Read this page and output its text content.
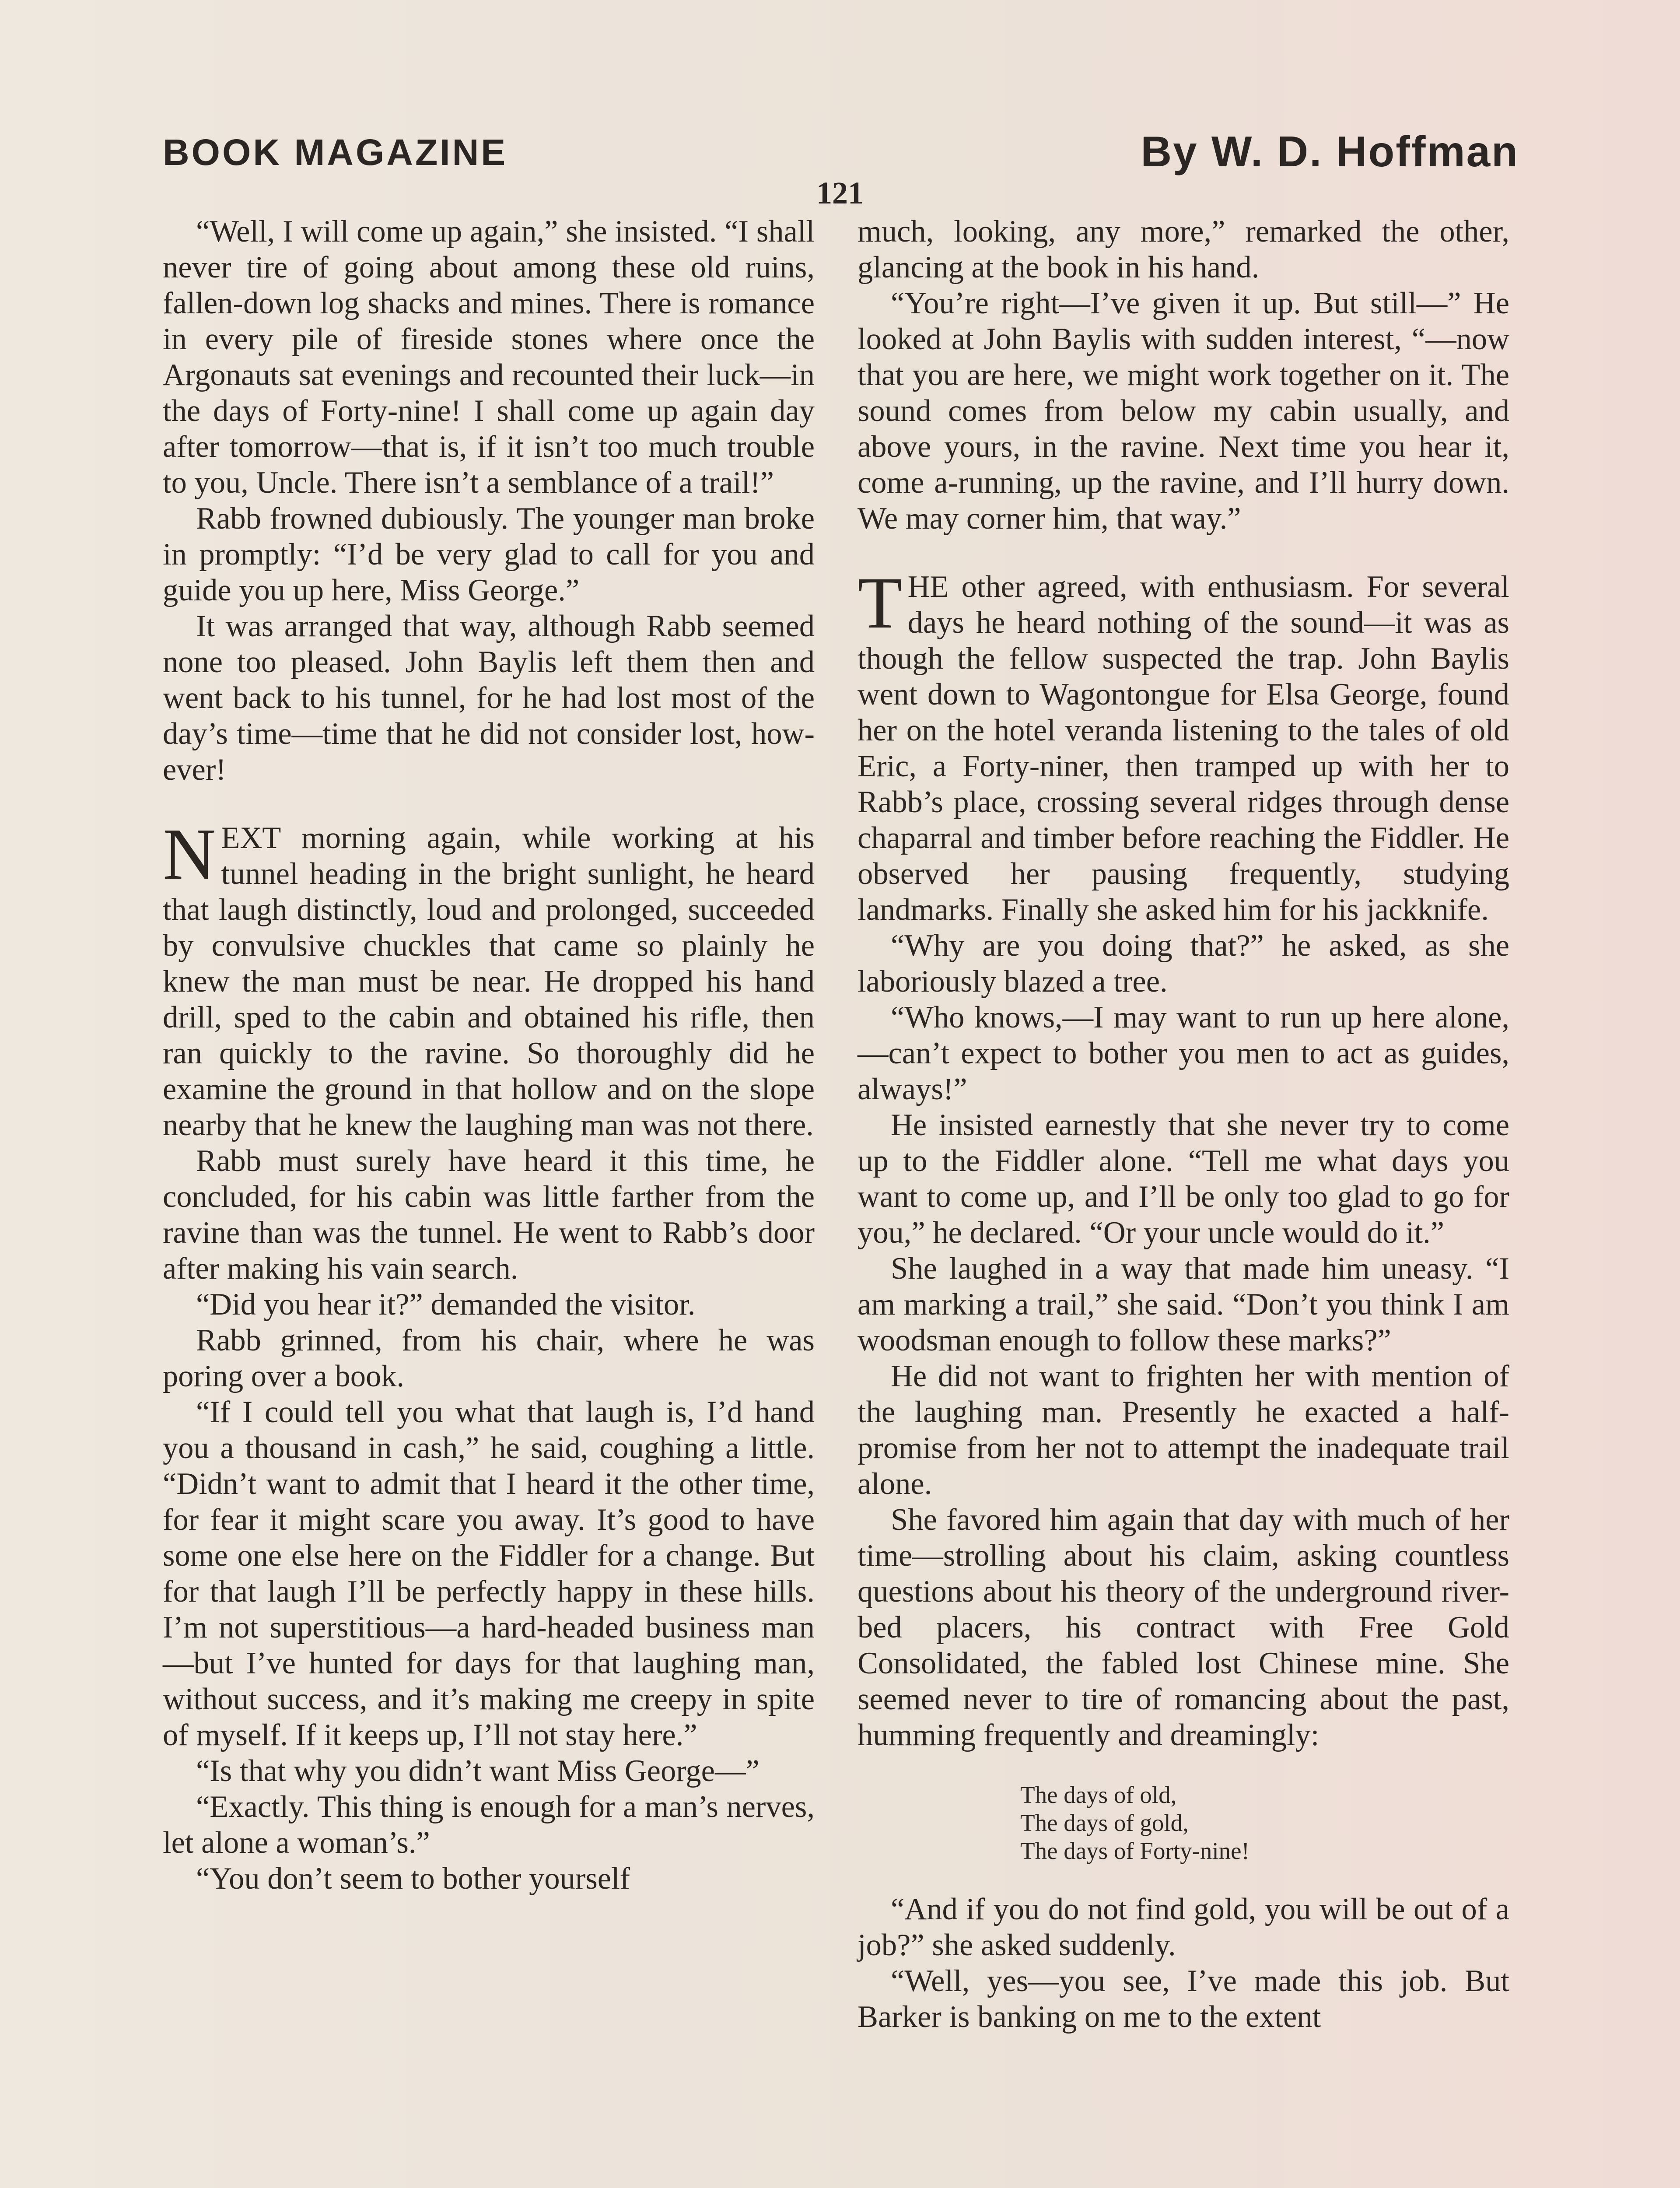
BOOK MAGAZINE	By W. D. Hoffman
121

“Well, I will come up again,” she insisted. “I shall never tire of going about among these old ruins, fallen-down log shacks and mines. There is romance in every pile of fireside stones where once the Argonauts sat evenings and recounted their luck—in the days of Forty-nine! I shall come up again day after tomorrow—that is, if it isn’t too much trouble to you, Uncle. There isn’t a semblance of a trail!”

Rabb frowned dubiously. The younger man broke in promptly: “I’d be very glad to call for you and guide you up here, Miss George.”

It was arranged that way, although Rabb seemed none too pleased. John Baylis left them then and went back to his tunnel, for he had lost most of the day’s time—time that he did not consider lost, however!

NEXT morning again, while working at his tunnel heading in the bright sunlight, he heard that laugh distinctly, loud and prolonged, succeeded by convulsive chuckles that came so plainly he knew the man must be near. He dropped his hand drill, sped to the cabin and obtained his rifle, then ran quickly to the ravine. So thoroughly did he examine the ground in that hollow and on the slope nearby that he knew the laughing man was not there.

Rabb must surely have heard it this time, he concluded, for his cabin was little farther from the ravine than was the tunnel. He went to Rabb’s door after making his vain search.

“Did you hear it?” demanded the visitor.

Rabb grinned, from his chair, where he was poring over a book.

“If I could tell you what that laugh is, I’d hand you a thousand in cash,” he said, coughing a little. “Didn’t want to admit that I heard it the other time, for fear it might scare you away. It’s good to have some one else here on the Fiddler for a change. But for that laugh I’ll be perfectly happy in these hills. I’m not superstitious—a hard-headed business man—but I’ve hunted for days for that laughing man, without success, and it’s making me creepy in spite of myself. If it keeps up, I’ll not stay here.”

“Is that why you didn’t want Miss George—”

“Exactly. This thing is enough for a man’s nerves, let alone a woman’s.”

“You don’t seem to bother yourself

much, looking, any more,” remarked the other, glancing at the book in his hand.

“You’re right—I’ve given it up. But still—” He looked at John Baylis with sudden interest, “—now that you are here, we might work together on it. The sound comes from below my cabin usually, and above yours, in the ravine. Next time you hear it, come a-running, up the ravine, and I’ll hurry down. We may corner him, that way.”

THE other agreed, with enthusiasm. For several days he heard nothing of the sound—it was as though the fellow suspected the trap. John Baylis went down to Wagontongue for Elsa George, found her on the hotel veranda listening to the tales of old Eric, a Forty-niner, then tramped up with her to Rabb’s place, crossing several ridges through dense chaparral and timber before reaching the Fiddler. He observed her pausing frequently, studying landmarks. Finally she asked him for his jackknife.

“Why are you doing that?” he asked, as she laboriously blazed a tree.

“Who knows,—I may want to run up here alone,—can’t expect to bother you men to act as guides, always!”

He insisted earnestly that she never try to come up to the Fiddler alone. “Tell me what days you want to come up, and I’ll be only too glad to go for you,” he declared. “Or your uncle would do it.”

She laughed in a way that made him uneasy. “I am marking a trail,” she said. “Don’t you think I am woodsman enough to follow these marks?”

He did not want to frighten her with mention of the laughing man. Presently he exacted a half-promise from her not to attempt the inadequate trail alone.

She favored him again that day with much of her time—strolling about his claim, asking countless questions about his theory of the underground river-bed placers, his contract with Free Gold Consolidated, the fabled lost Chinese mine. She seemed never to tire of romancing about the past, humming frequently and dreamingly:

The days of old,
The days of gold,
The days of Forty-nine!

“And if you do not find gold, you will be out of a job?” she asked suddenly.

“Well, yes—you see, I’ve made this job. But Barker is banking on me to the extent
